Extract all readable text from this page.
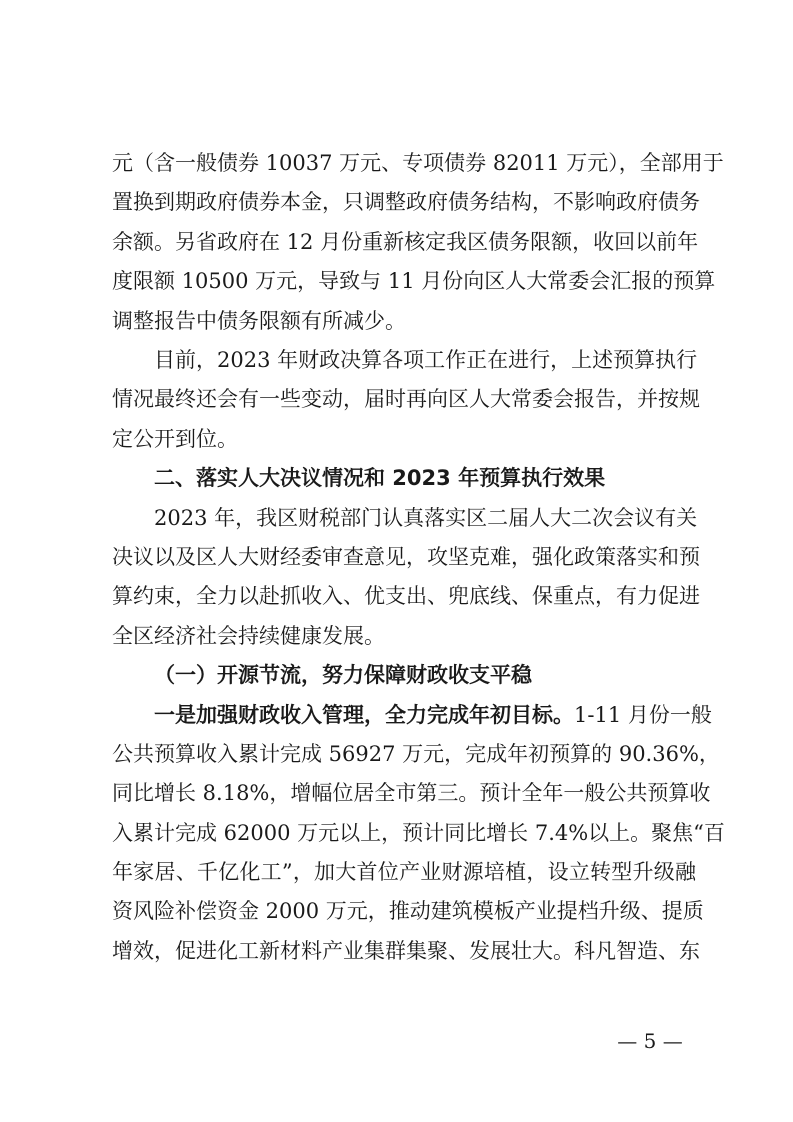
元（含一般债券 10037 万元、专项债券 82011 万元），全部用于
置换到期政府债券本金，只调整政府债务结构，不影响政府债务
余额。另省政府在 12 月份重新核定我区债务限额，收回以前年
度限额 10500 万元，导致与 11 月份向区人大常委会汇报的预算
调整报告中债务限额有所减少。
目前，2023 年财政决算各项工作正在进行，上述预算执行
情况最终还会有一些变动，届时再向区人大常委会报告，并按规
定公开到位。
二、落实人大决议情况和 2023 年预算执行效果
2023 年，我区财税部门认真落实区二届人大二次会议有关
决议以及区人大财经委审查意见，攻坚克难，强化政策落实和预
算约束，全力以赴抓收入、优支出、兜底线、保重点，有力促进
全区经济社会持续健康发展。
（一）开源节流，努力保障财政收支平稳
一是加强财政收入管理，全力完成年初目标。1-11 月份一般
公共预算收入累计完成 56927 万元，完成年初预算的 90.36%，
同比增长 8.18%，增幅位居全市第三。预计全年一般公共预算收
入累计完成 62000 万元以上，预计同比增长 7.4%以上。聚焦“百
年家居、千亿化工”，加大首位产业财源培植，设立转型升级融
资风险补偿资金 2000 万元，推动建筑模板产业提档升级、提质
增效，促进化工新材料产业集群集聚、发展壮大。科凡智造、东
— 5 —
